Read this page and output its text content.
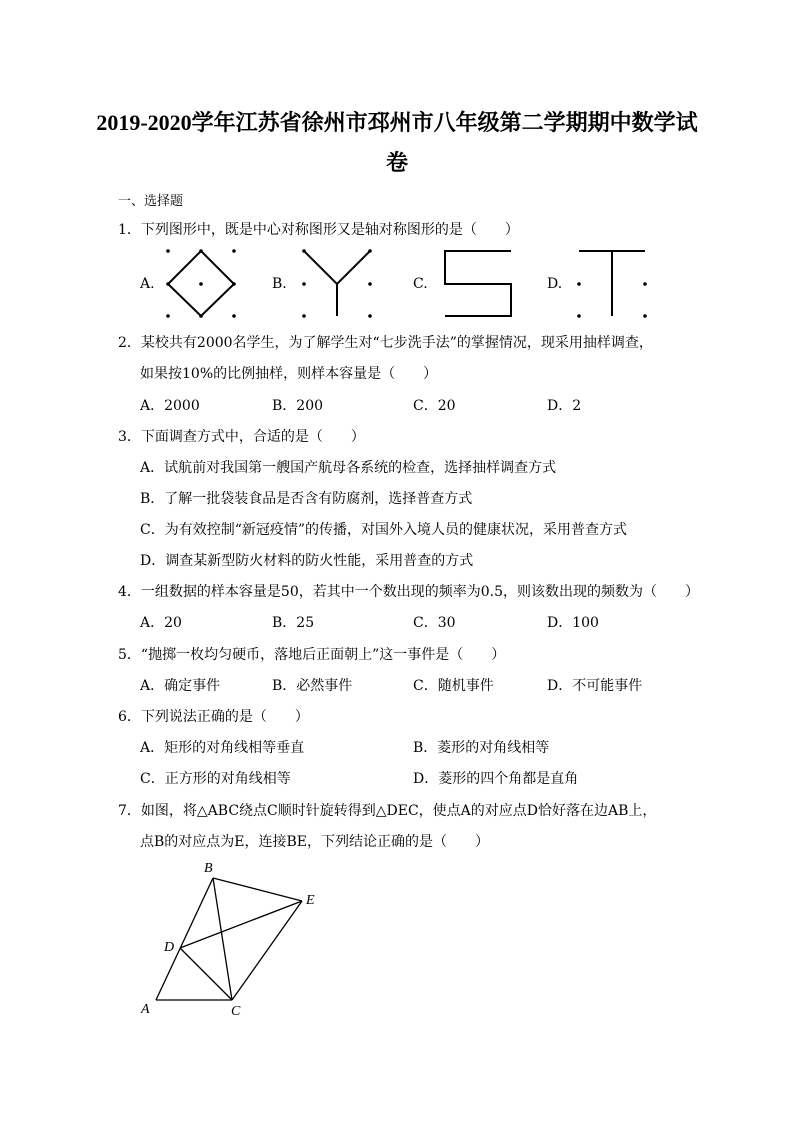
2019-2020学年江苏省徐州市邳州市八年级第二学期期中数学试
卷
一、选择题
1．下列图形中，既是中心对称图形又是轴对称图形的是（　　）
A.	B.	C.	D.
2．某校共有2000名学生，为了解学生对“七步洗手法”的掌握情况，现采用抽样调查，
如果按10%的比例抽样，则样本容量是（　　）
A．2000	B．200	C．20	D．2
3．下面调查方式中，合适的是（　　）
A．试航前对我国第一艘国产航母各系统的检查，选择抽样调查方式
B．了解一批袋装食品是否含有防腐剂，选择普查方式
C．为有效控制“新冠疫情”的传播，对国外入境人员的健康状况，采用普查方式
D．调查某新型防火材料的防火性能，采用普查的方式
4．一组数据的样本容量是50，若其中一个数出现的频率为0.5，则该数出现的频数为（　　）
A．20	B．25	C．30	D．100
5．“抛掷一枚均匀硬币，落地后正面朝上”这一事件是（　　）
A．确定事件	B．必然事件	C．随机事件	D．不可能事件
6．下列说法正确的是（　　）
A．矩形的对角线相等垂直	B．菱形的对角线相等
C．正方形的对角线相等	D．菱形的四个角都是直角
7．如图，将△ABC绕点C顺时针旋转得到△DEC，使点A的对应点D恰好落在边AB上，
点B的对应点为E，连接BE，下列结论正确的是（　　）
B
E
D
A	C
